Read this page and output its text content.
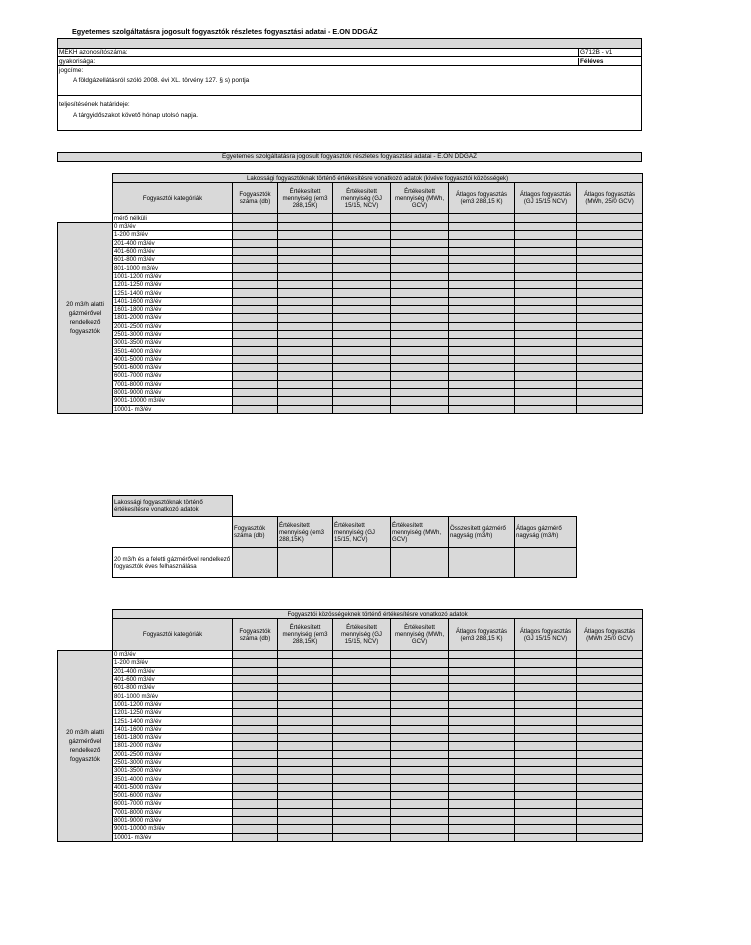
Egyetemes szolgáltatásra jogosult fogyasztók részletes fogyasztási adatai - E.ON DDGÁZ
MEKH azonosítószáma:	G712B - v1
gyakorisága:	Féléves
jogcíme:
A földgázellátásról szóló 2008. évi XL. törvény 127. § s) pontja
teljesítésének határideje:
A tárgyidőszakot követő hónap utolsó napja.
Egyetemes szolgáltatásra jogosult fogyasztók részletes fogyasztási adatai - E.ON DDGÁZ
	Lakossági fogyasztóknak történő értékesítésre vonatkozó adatok (kivéve fogyasztói közösségek)							
	Fogyasztói kategóriák	Fogyasztók száma (db)	Értékesített mennyiség (em3 288,15K)	Értékesített mennyiség (GJ 15/15, NCV)	Értékesített mennyiség (MWh, GCV)	Átlagos fogyasztás (em3 288,15 K)	Átlagos fogyasztás (GJ 15/15 NCV)	Átlagos fogyasztás (MWh, 25/0 GCV)
	mérő nélküli							
20 m3/h alatti gázmérővel rendelkező fogyasztók	0 m3/év							
	1-200 m3/év							
	201-400 m3/év							
	401-600 m3/év							
	601-800 m3/év							
	801-1000 m3/év							
	1001-1200 m3/év							
	1201-1250 m3/év							
	1251-1400 m3/év							
	1401-1600 m3/év							
	1601-1800 m3/év							
	1801-2000 m3/év							
	2001-2500 m3/év							
	2501-3000 m3/év							
	3001-3500 m3/év							
	3501-4000 m3/év							
	4001-5000 m3/év							
	5001-6000 m3/év							
	6001-7000 m3/év							
	7001-8000 m3/év							
	8001-9000 m3/év							
	9001-10000 m3/év							
	10001- m3/év							
Lakossági fogyasztóknak történő értékesítésre vonatkozó adatok						
	Fogyasztók száma (db)	Értékesített mennyiség (em3 288,15K)	Értékesített mennyiség (GJ 15/15, NCV)	Értékesített mennyiség (MWh, GCV)	Összesített gázmérő nagyság (m3/h)	Átlagos gázmérő nagyság (m3/h)
20 m3/h és a feletti gázmérővel rendelkező fogyasztók éves felhasználása						
	Fogyasztói közösségeknek történő értékesítésre vonatkozó adatok							
	Fogyasztói kategóriák	Fogyasztók száma (db)	Értékesített mennyiség (em3 288,15K)	Értékesített mennyiség (GJ 15/15, NCV)	Értékesített mennyiség (MWh, GCV)	Átlagos fogyasztás (em3 288,15 K)	Átlagos fogyasztás (GJ 15/15 NCV)	Átlagos fogyasztás (MWh 25/0 GCV)
20 m3/h alatti gázmérővel rendelkező fogyasztók	0 m3/év							
	1-200 m3/év							
	201-400 m3/év							
	401-600 m3/év							
	601-800 m3/év							
	801-1000 m3/év							
	1001-1200 m3/év							
	1201-1250 m3/év							
	1251-1400 m3/év							
	1401-1600 m3/év							
	1601-1800 m3/év							
	1801-2000 m3/év							
	2001-2500 m3/év							
	2501-3000 m3/év							
	3001-3500 m3/év							
	3501-4000 m3/év							
	4001-5000 m3/év							
	5001-6000 m3/év							
	6001-7000 m3/év							
	7001-8000 m3/év							
	8001-9000 m3/év							
	9001-10000 m3/év							
	10001- m3/év							
